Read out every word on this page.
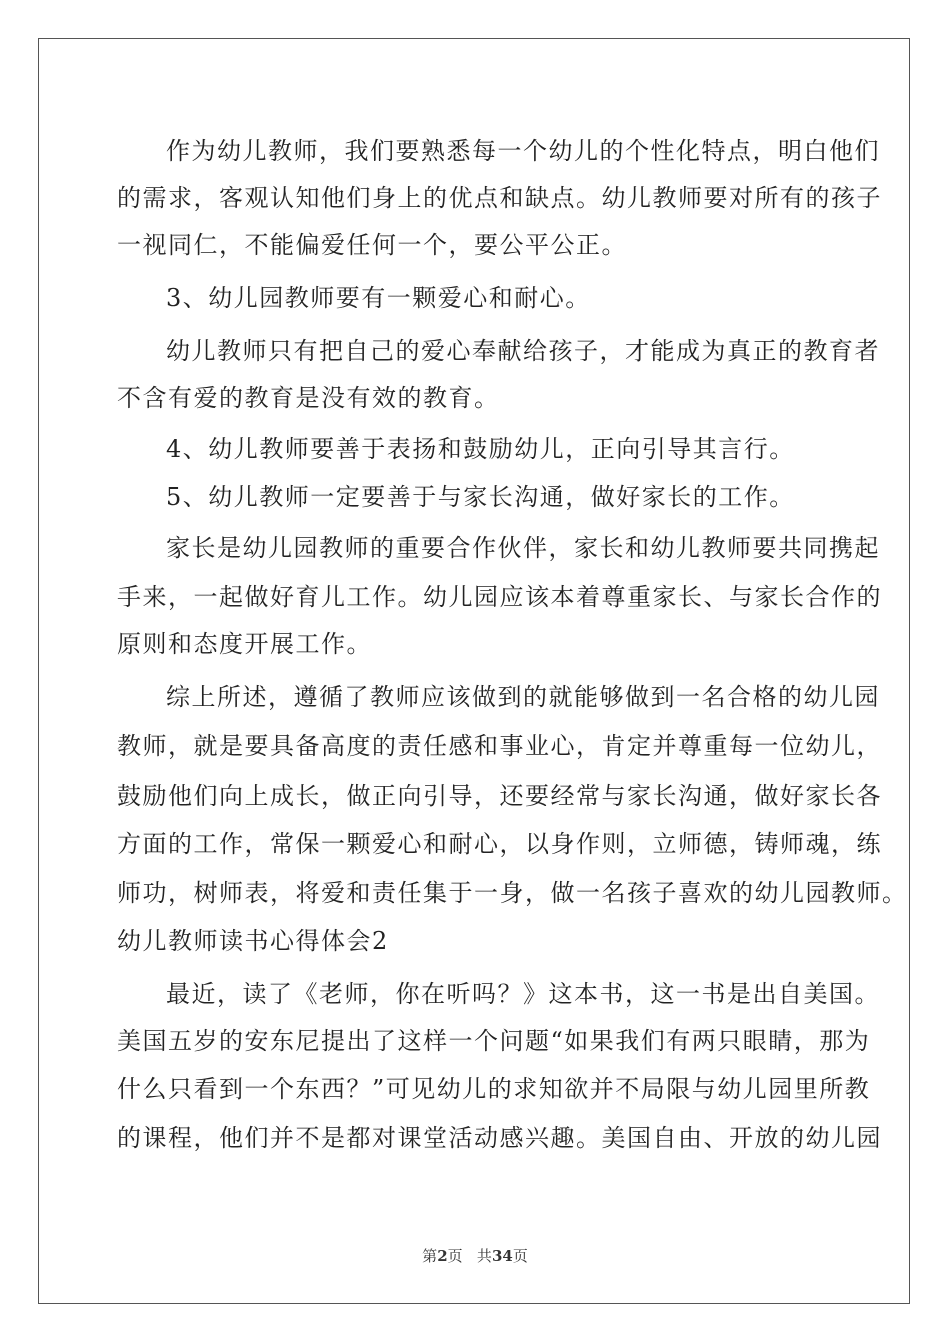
作为幼儿教师，我们要熟悉每一个幼儿的个性化特点，明白他们
的需求，客观认知他们身上的优点和缺点。幼儿教师要对所有的孩子
一视同仁，不能偏爱任何一个，要公平公正。
3、幼儿园教师要有一颗爱心和耐心。
幼儿教师只有把自己的爱心奉献给孩子，才能成为真正的教育者
不含有爱的教育是没有效的教育。
4、幼儿教师要善于表扬和鼓励幼儿，正向引导其言行。
5、幼儿教师一定要善于与家长沟通，做好家长的工作。
家长是幼儿园教师的重要合作伙伴，家长和幼儿教师要共同携起
手来，一起做好育儿工作。幼儿园应该本着尊重家长、与家长合作的
原则和态度开展工作。
综上所述，遵循了教师应该做到的就能够做到一名合格的幼儿园
教师，就是要具备高度的责任感和事业心，肯定并尊重每一位幼儿，
鼓励他们向上成长，做正向引导，还要经常与家长沟通，做好家长各
方面的工作，常保一颗爱心和耐心，以身作则，立师德，铸师魂，练
师功，树师表，将爱和责任集于一身，做一名孩子喜欢的幼儿园教师。
幼儿教师读书心得体会2
最近，读了《老师，你在听吗？》这本书，这一书是出自美国。
美国五岁的安东尼提出了这样一个问题“如果我们有两只眼睛，那为
什么只看到一个东西？”可见幼儿的求知欲并不局限与幼儿园里所教
的课程，他们并不是都对课堂活动感兴趣。美国自由、开放的幼儿园
第2页   共34页
